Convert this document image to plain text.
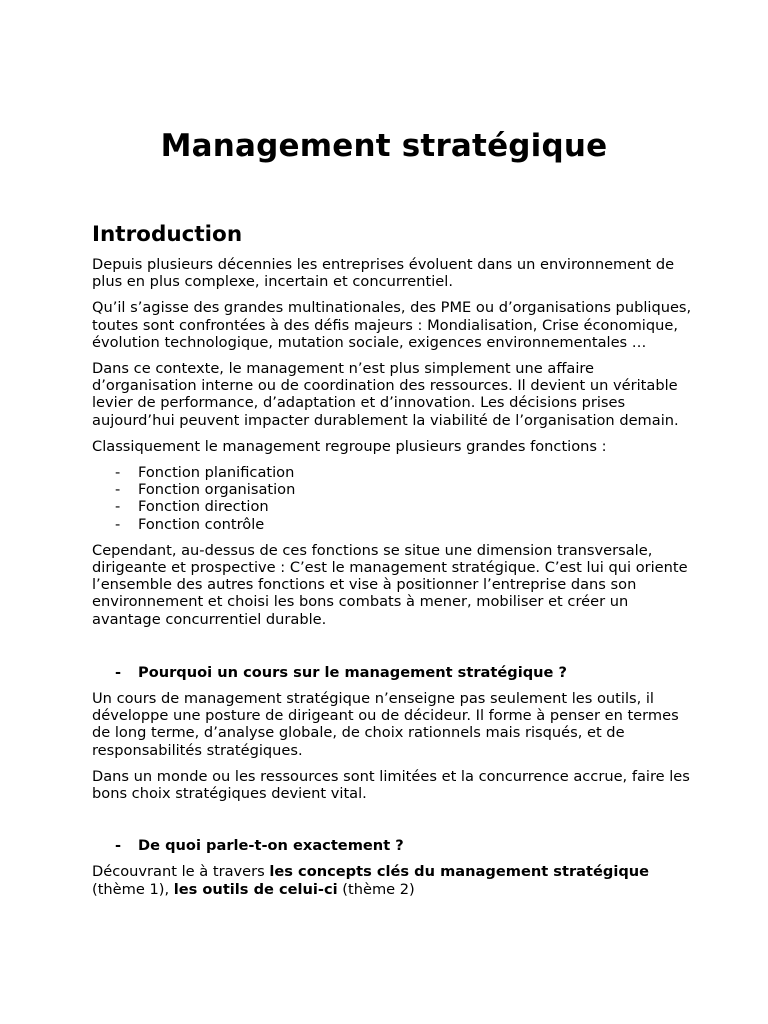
Management stratégique
Introduction

Depuis plusieurs décennies les entreprises évoluent dans un environnement de plus en plus complexe, incertain et concurrentiel.

Qu’il s’agisse des grandes multinationales, des PME ou d’organisations publiques, toutes sont confrontées à des défis majeurs : Mondialisation, Crise économique, évolution technologique, mutation sociale, exigences environnementales …

Dans ce contexte, le management n’est plus simplement une affaire d’organisation interne ou de coordination des ressources. Il devient un véritable levier de performance, d’adaptation et d’innovation. Les décisions prises aujourd’hui peuvent impacter durablement la viabilité de l’organisation demain.

Classiquement le management regroupe plusieurs grandes fonctions :

- Fonction planification
- Fonction organisation
- Fonction direction
- Fonction contrôle

Cependant, au-dessus de ces fonctions se situe une dimension transversale, dirigeante et prospective : C’est le management stratégique. C’est lui qui oriente l’ensemble des autres fonctions et vise à positionner l’entreprise dans son environnement et choisi les bons combats à mener, mobiliser et créer un avantage concurrentiel durable.

- Pourquoi un cours sur le management stratégique ?

Un cours de management stratégique n’enseigne pas seulement les outils, il développe une posture de dirigeant ou de décideur. Il forme à penser en termes de long terme, d’analyse globale, de choix rationnels mais risqués, et de responsabilités stratégiques.

Dans un monde ou les ressources sont limitées et la concurrence accrue, faire les bons choix stratégiques devient vital.

- De quoi parle-t-on exactement ?

Découvrant le à travers les concepts clés du management stratégique (thème 1), les outils de celui-ci (thème 2)
